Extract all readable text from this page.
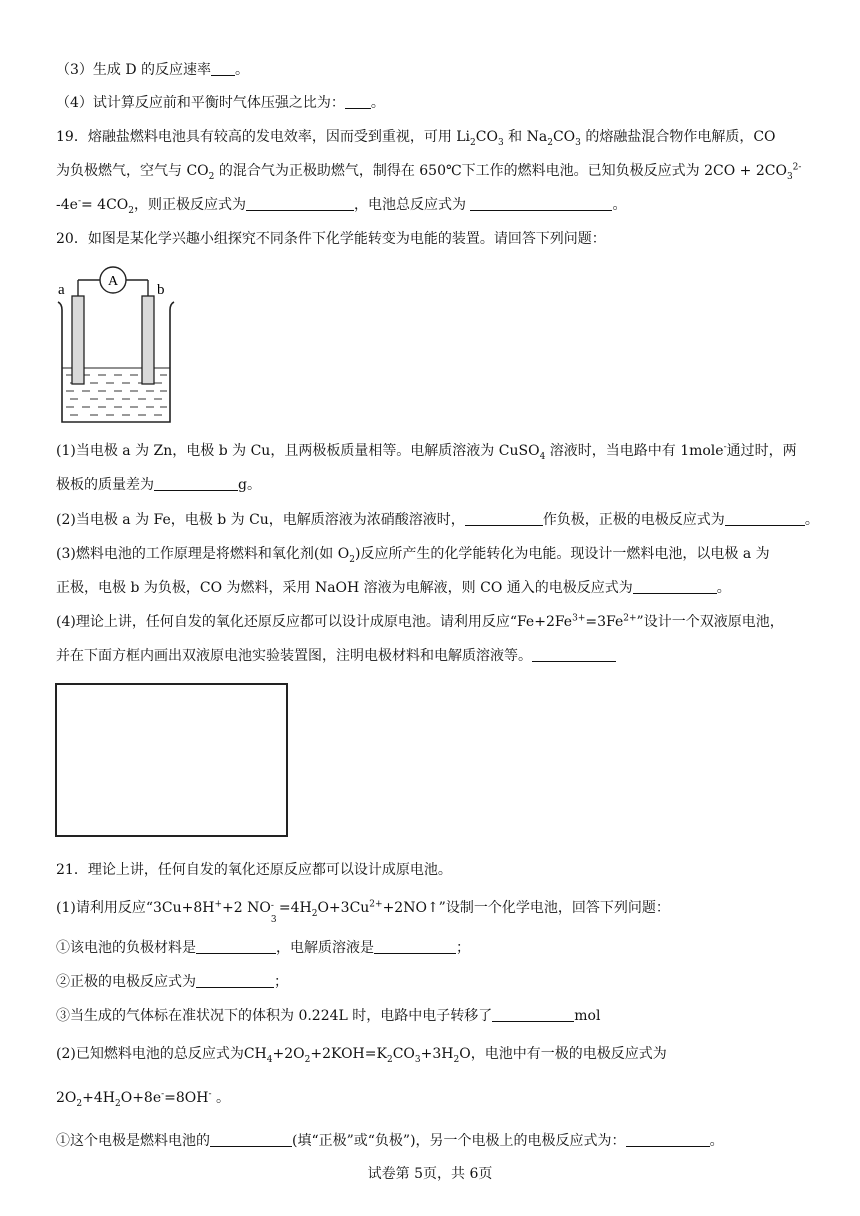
（3）生成 D 的反应速率 。
（4）试计算反应前和平衡时气体压强之比为： 。
19．熔融盐燃料电池具有较高的发电效率，因而受到重视，可用 $Li_2CO_3$ 和 $Na_2CO_3$ 的熔融盐混合物作电解质，CO
为负极燃气，空气与 $CO_2$ 的混合气为正极助燃气，制得在 650℃下工作的燃料电池。已知负极反应式为 $2CO + 2CO_3^{2-}$
$-4e^-= 4CO_2$，则正极反应式为	，电池总反应式为	。
20．如图是某化学兴趣小组探究不同条件下化学能转变为电能的装置。请回答下列问题：
A
a	b
(1)当电极 a 为 Zn，电极 b 为 Cu，且两极板质量相等。电解质溶液为 CuSO$_4$ 溶液时，当电路中有 1mole-通过时，两
极板的质量差为	g。
(2)当电极 a 为 Fe，电极 b 为 Cu，电解质溶液为浓硝酸溶液时，	作负极，正极的电极反应式为	。
(3)燃料电池的工作原理是将燃料和氧化剂(如 $O_2$)反应所产生的化学能转化为电能。现设计一燃料电池，以电极 a 为
正极，电极 b 为负极，CO 为燃料，采用 NaOH 溶液为电解液，则 CO 通入的电极反应式为	。
(4)理论上讲，任何自发的氧化还原反应都可以设计成原电池。请利用反应“$Fe+2Fe^{3+}=3Fe^{2+}$”设计一个双液原电池，
并在下面方框内画出双液原电池实验装置图，注明电极材料和电解质溶液等。
21．理论上讲，任何自发的氧化还原反应都可以设计成原电池。
(1)请利用反应“3Cu+8H++2 NO -
3
$=4H_2O+3Cu^{2+}+2NO↑$”设制一个化学电池，回答下列问题：
①该电池的负极材料是	，电解质溶液是	；
②正极的电极反应式为	；
③当生成的气体标在准状况下的体积为 0.224L 时，电路中电子转移了	mol
(2)已知燃料电池的总反应式为$CH_4+2O_2+2KOH=K_2CO_3+3H_2O$，电池中有一极的电极反应式为
$2O_2+4H_2O+8e^-=8OH^-$ 。
①这个电极是燃料电池的	(填“正极”或“负极”)，另一个电极上的电极反应式为：	。
试卷第 5页，共 6页
